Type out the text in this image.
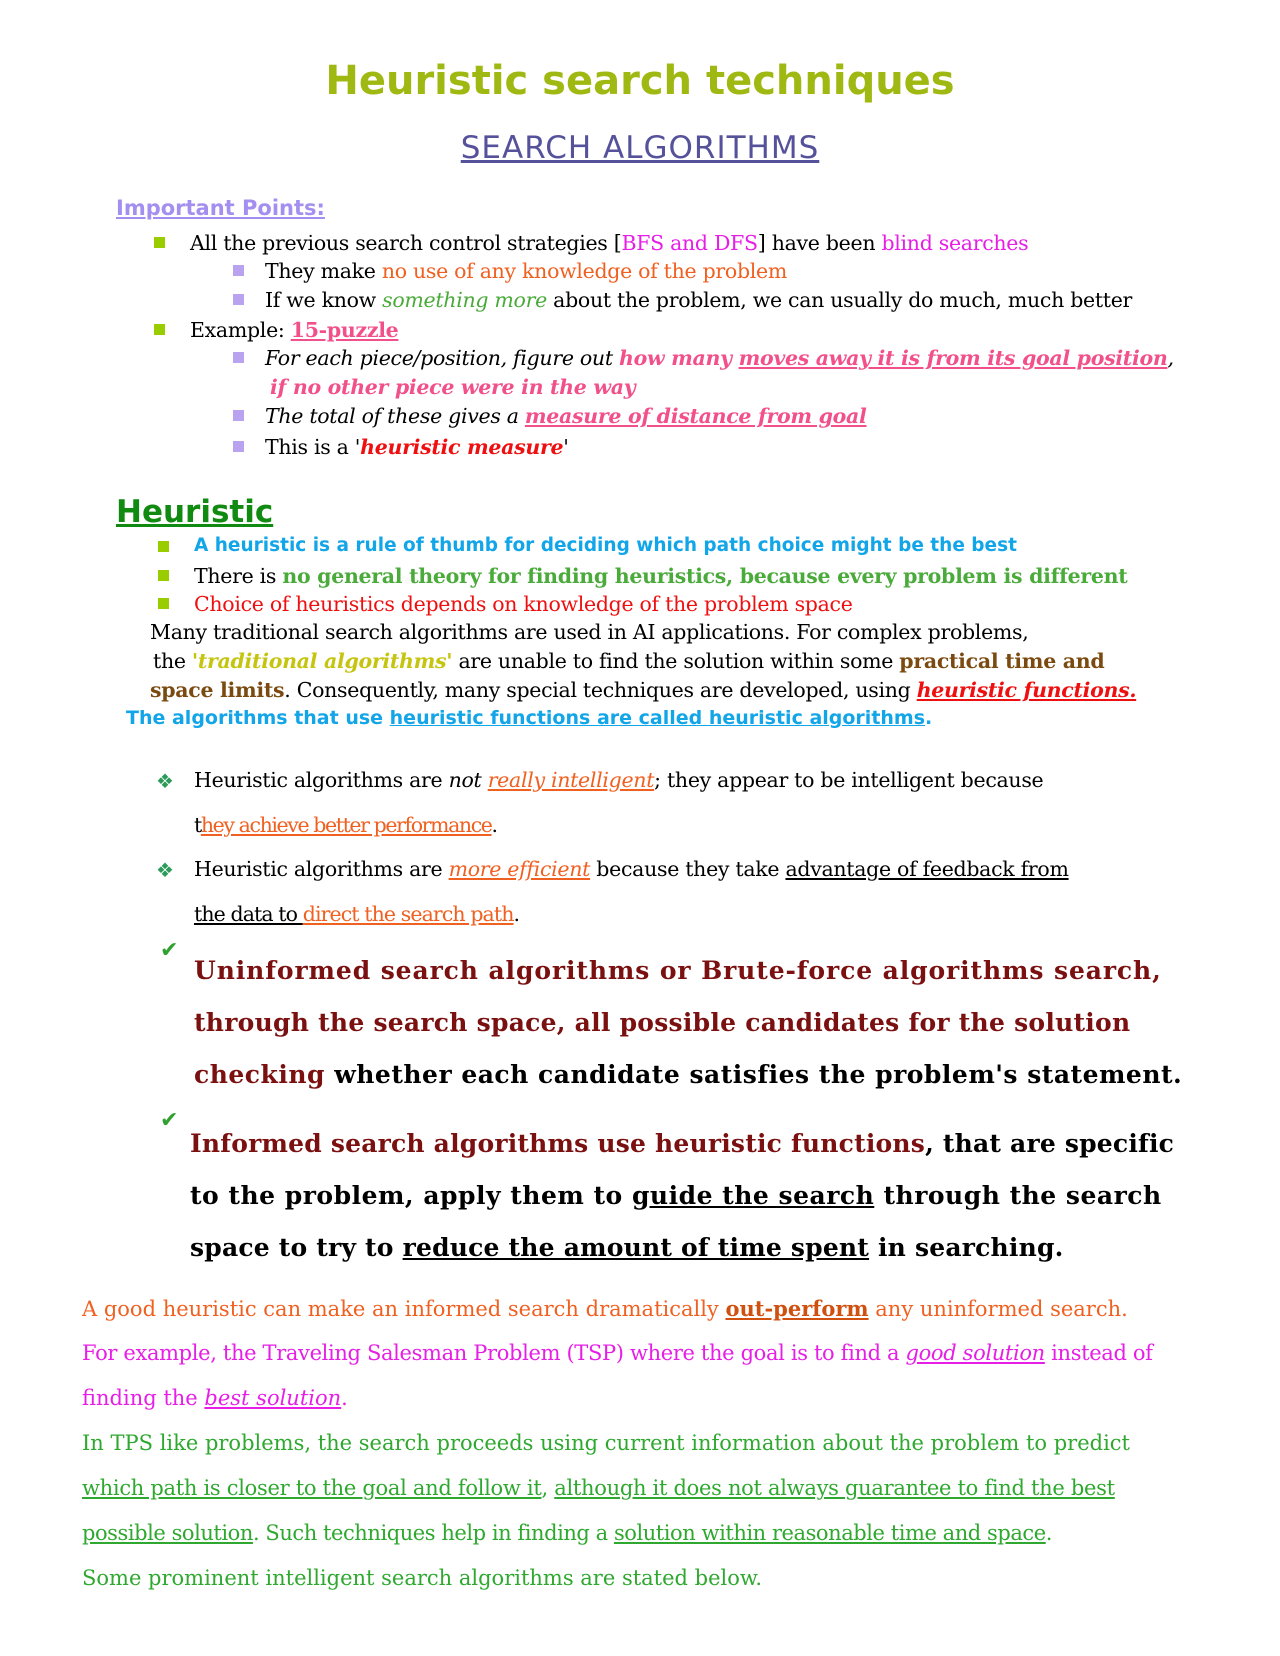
Heuristic search techniques
SEARCH ALGORITHMS
Important Points:
All the previous search control strategies [BFS and DFS] have been blind searches
They make no use of any knowledge of the problem
If we know something more about the problem, we can usually do much, much better
Example: 15-puzzle
For each piece/position, figure out how many moves away it is from its goal position,
if no other piece were in the way
The total of these gives a measure of distance from goal
This is a 'heuristic measure'
Heuristic
A heuristic is a rule of thumb for deciding which path choice might be the best
There is no general theory for finding heuristics, because every problem is different
Choice of heuristics depends on knowledge of the problem space
Many traditional search algorithms are used in AI applications. For complex problems,
the 'traditional algorithms' are unable to find the solution within some practical time and
space limits. Consequently, many special techniques are developed, using heuristic functions.
The algorithms that use heuristic functions are called heuristic algorithms.
❖ Heuristic algorithms are not really intelligent; they appear to be intelligent because
they achieve better performance.
❖ Heuristic algorithms are more efficient because they take advantage of feedback from
the data to direct the search path.
✔
Uninformed search algorithms or Brute-force algorithms search,
through the search space, all possible candidates for the solution
checking whether each candidate satisfies the problem's statement.
✔
Informed search algorithms use heuristic functions, that are specific
to the problem, apply them to guide the search through the search
space to try to reduce the amount of time spent in searching.
A good heuristic can make an informed search dramatically out-perform any uninformed search.
For example, the Traveling Salesman Problem (TSP) where the goal is to find a good solution instead of
finding the best solution.
In TPS like problems, the search proceeds using current information about the problem to predict
which path is closer to the goal and follow it, although it does not always guarantee to find the best
possible solution. Such techniques help in finding a solution within reasonable time and space.
Some prominent intelligent search algorithms are stated below.
